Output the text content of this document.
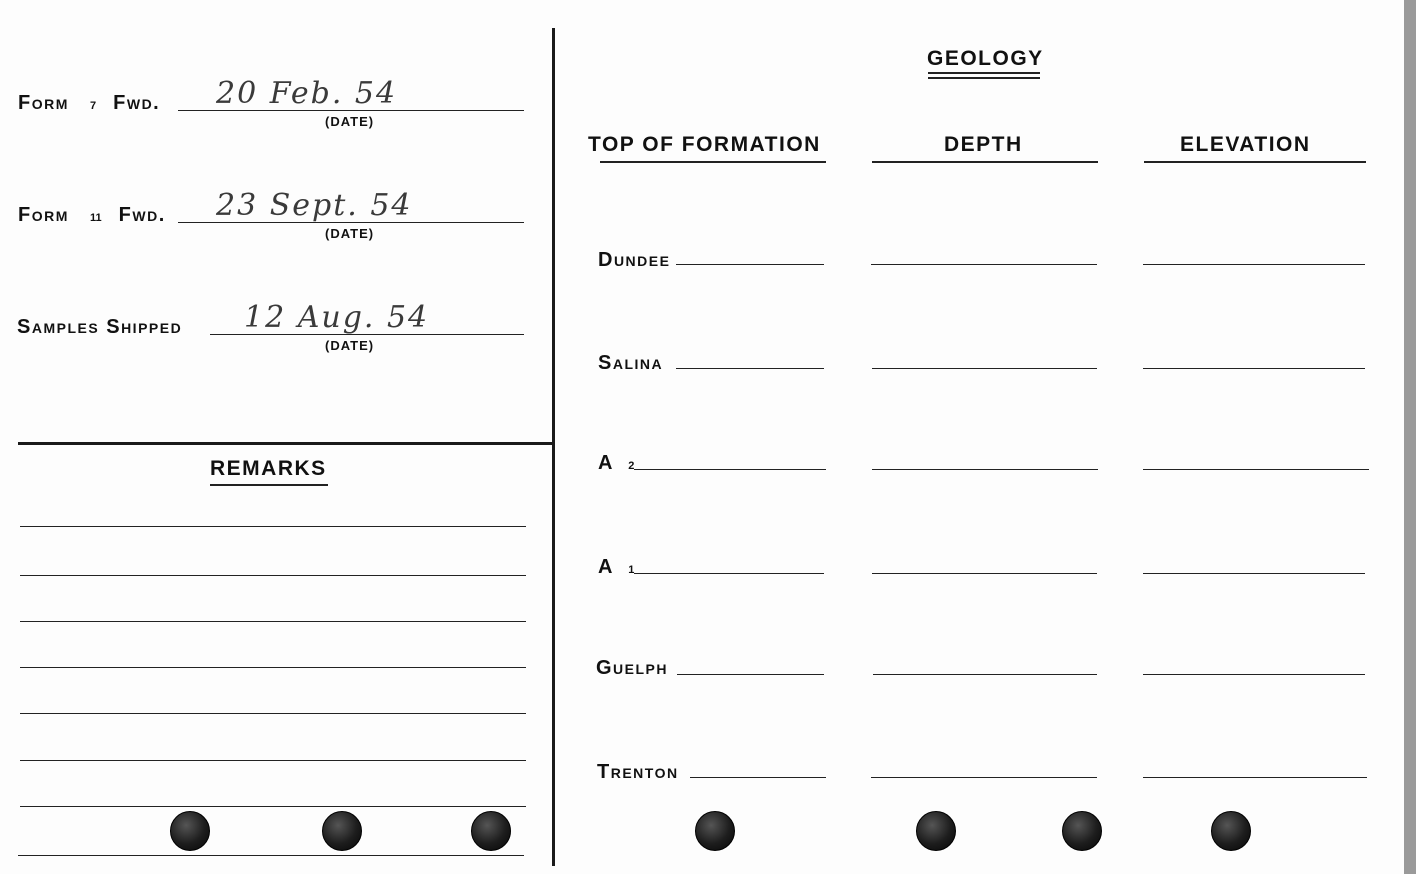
Form 7 Fwd. 20 Feb. 54
(DATE)
Form 11 Fwd. 23 Sept. 54
(DATE)
Samples Shipped 12 Aug. 54
(DATE)
REMARKS
GEOLOGY
TOP OF FORMATION	DEPTH	ELEVATION
Dundee
Salina
A 2
A 1
Guelph
Trenton
